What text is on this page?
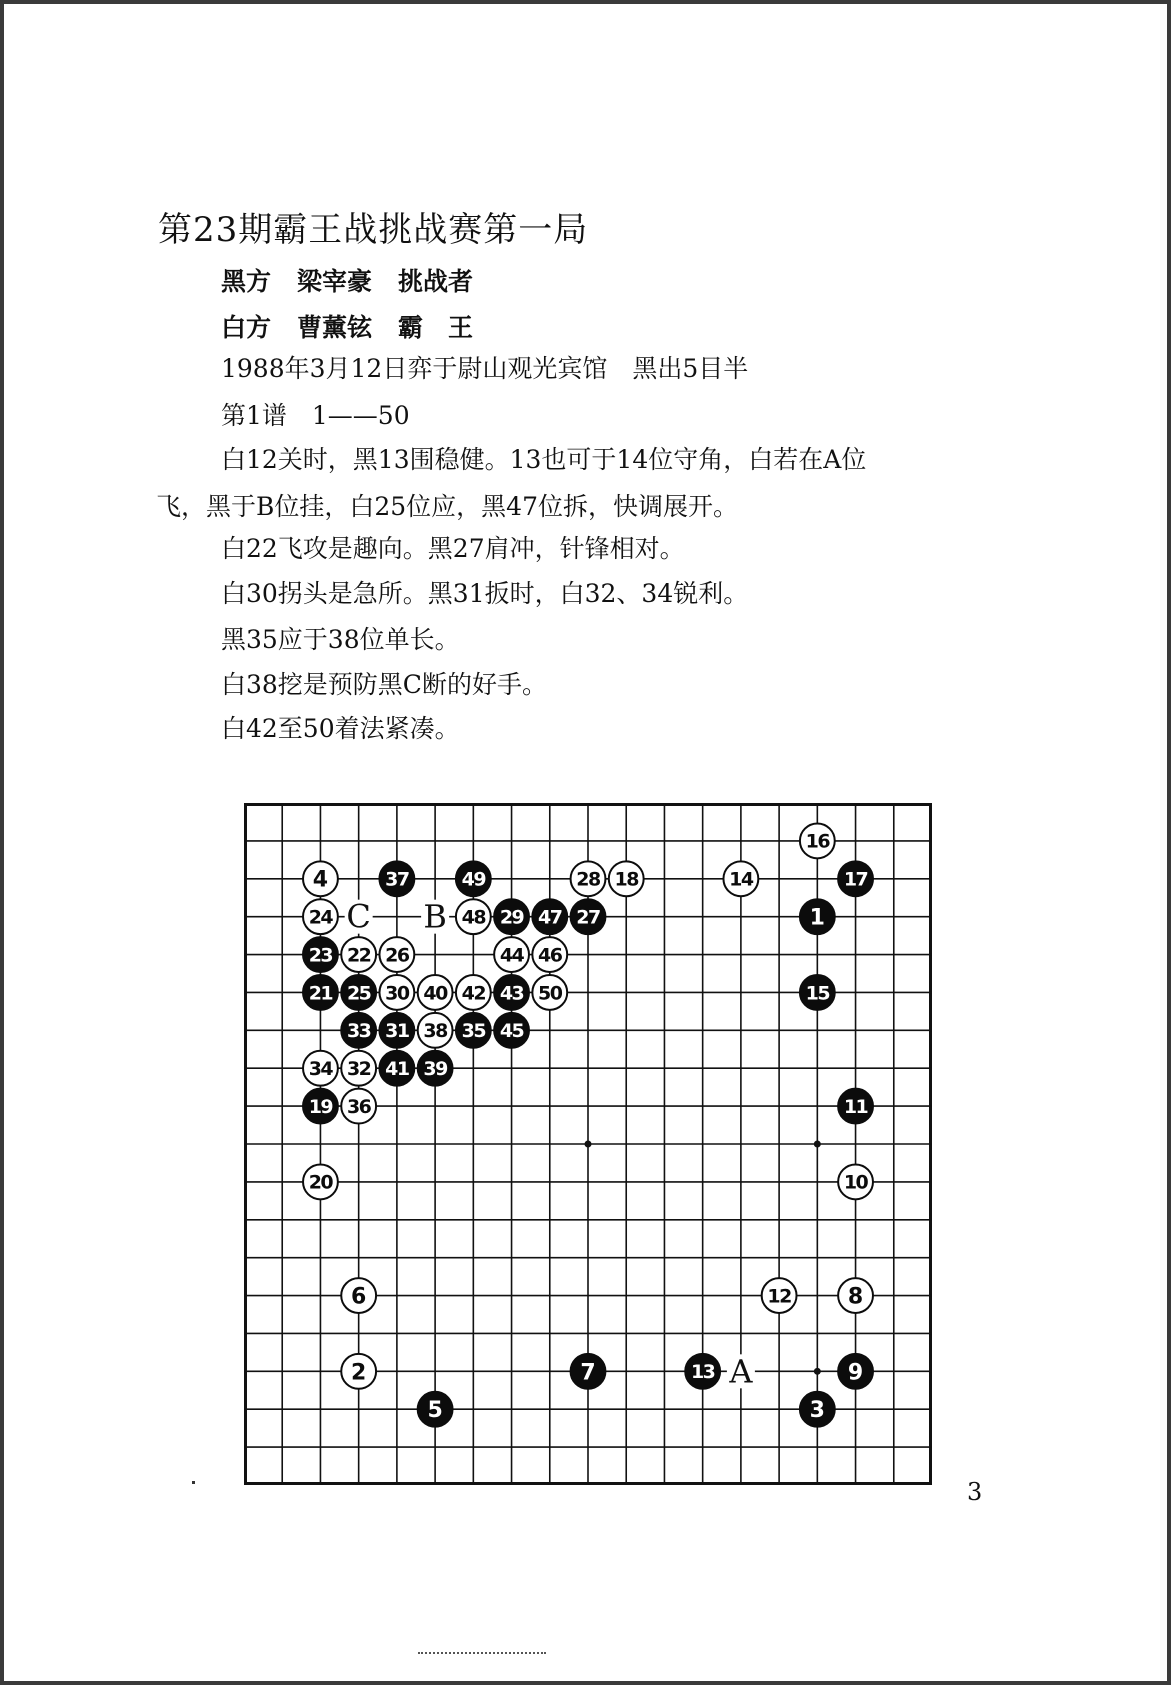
第23期霸王战挑战赛第一局
黑方 梁宰豪 挑战者
白方 曹薰铉 霸　王
1988年3月12日弈于尉山观光宾馆　黑出5目半
第1谱　1——50
白12关时，黑13围稳健。13也可于14位守角，白若在A位
飞，黑于B位挂，白25位应，黑47位拆，快调展开。
白22飞攻是趣向。黑27肩冲，针锋相对。
白30拐头是急所。黑31扳时，白32、34锐利。
黑35应于38位单长。
白38挖是预防黑C断的好手。
白42至50着法紧凑。
A
B
C	1
2
3
4
5
6
7
8
9
10
11
12
13
14
15
16
17
18
19
20
21
22
23
24
25
26
27
28
29
30
31
32
33
34
35
36
37
38
39
40
41
42 43
44
45
46
47
48
49
50
3
